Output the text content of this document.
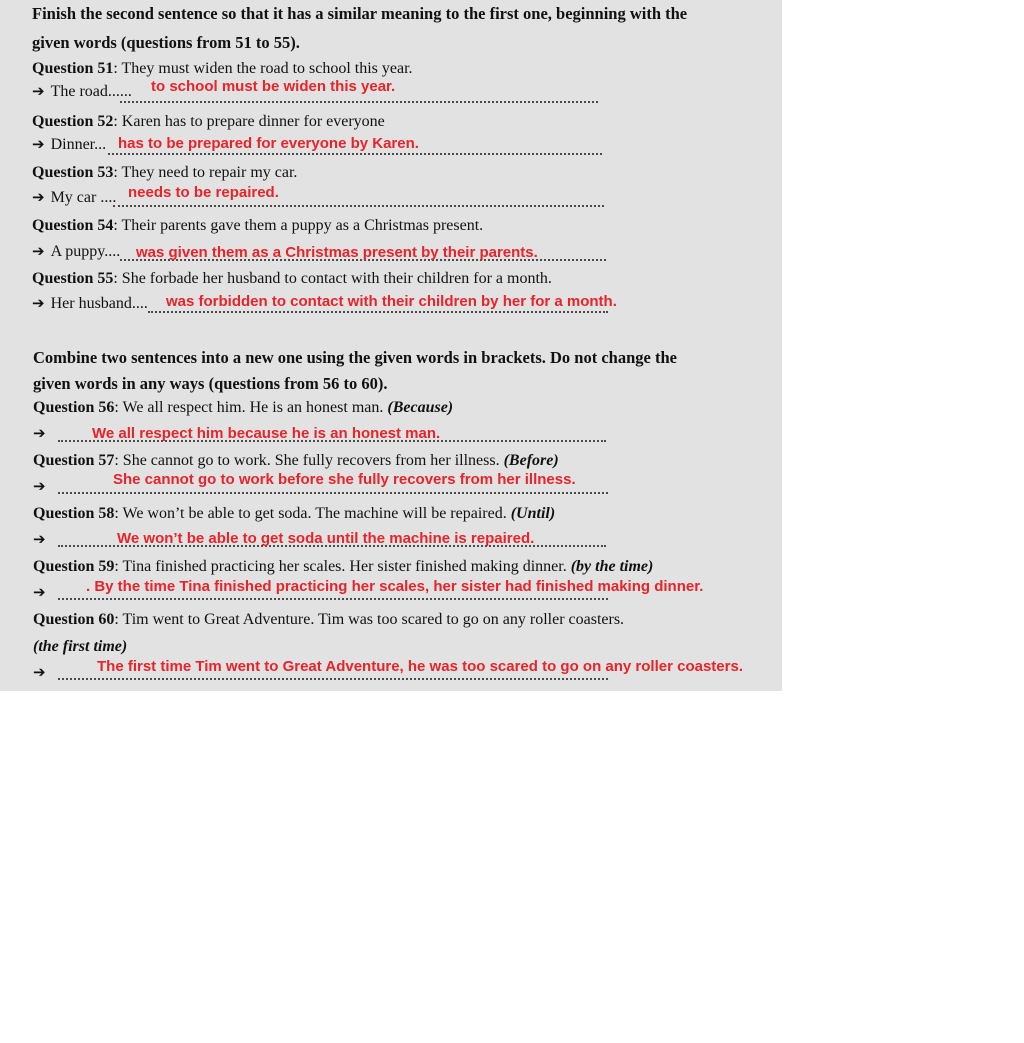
Finish the second sentence so that it has a similar meaning to the first one, beginning with the
given words (questions from 51 to 55).
Question 51: They must widen the road to school this year.
➔ The road...... to school must be widen this year.
Question 52: Karen has to prepare dinner for everyone
➔ Dinner... has to be prepared for everyone by Karen.
Question 53: They need to repair my car.
➔ My car .... needs to be repaired.
Question 54: Their parents gave them a puppy as a Christmas present.
➔ A puppy.... was given them as a Christmas present by their parents.
Question 55: She forbade her husband to contact with their children for a month.
➔ Her husband.... was forbidden to contact with their children by her for a month.
Combine two sentences into a new one using the given words in brackets. Do not change the
given words in any ways (questions from 56 to 60).
Question 56: We all respect him. He is an honest man. (Because)
➔	We all respect him because he is an honest man.
Question 57: She cannot go to work. She fully recovers from her illness. (Before)
➔	She cannot go to work before she fully recovers from her illness.
Question 58: We won’t be able to get soda. The machine will be repaired. (Until)
➔	We won’t be able to get soda until the machine is repaired.
Question 59: Tina finished practicing her scales. Her sister finished making dinner. (by the time)
➔	. By the time Tina finished practicing her scales, her sister had finished making dinner.
Question 60: Tim went to Great Adventure. Tim was too scared to go on any roller coasters.
(the first time)
➔	The first time Tim went to Great Adventure, he was too scared to go on any roller coasters.
